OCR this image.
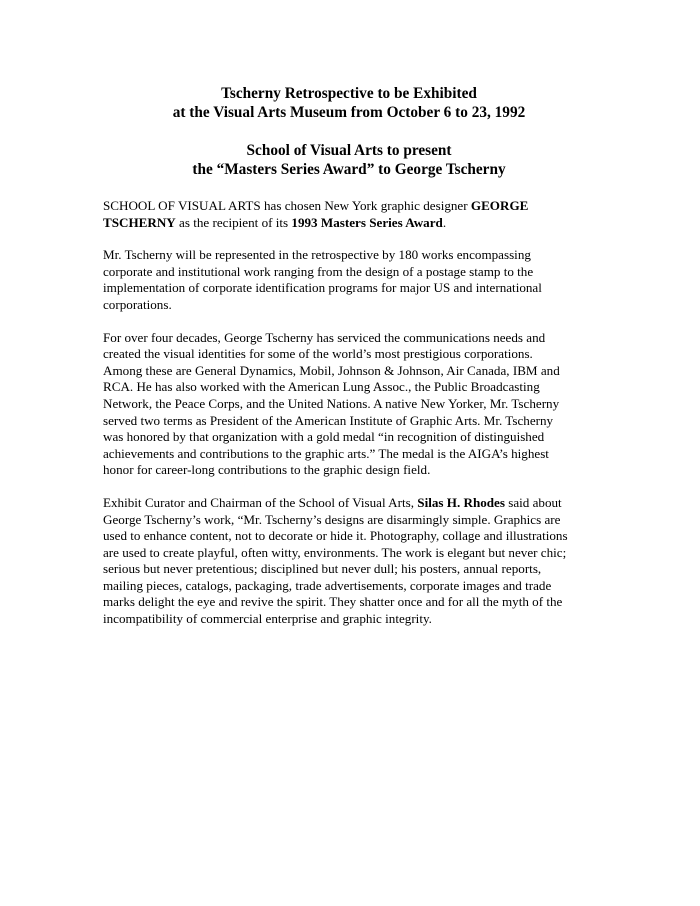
Tscherny Retrospective to be Exhibited
at the Visual Arts Museum from October 6 to 23, 1992
School of Visual Arts to present
the “Masters Series Award” to George Tscherny

SCHOOL OF VISUAL ARTS has chosen New York graphic designer GEORGE
TSCHERNY as the recipient of its 1993 Masters Series Award.

Mr. Tscherny will be represented in the retrospective by 180 works encompassing
corporate and institutional work ranging from the design of a postage stamp to the
implementation of corporate identification programs for major US and international
corporations.

For over four decades, George Tscherny has serviced the communications needs and
created the visual identities for some of the world’s most prestigious corporations.
Among these are General Dynamics, Mobil, Johnson & Johnson, Air Canada, IBM and
RCA. He has also worked with the American Lung Assoc., the Public Broadcasting
Network, the Peace Corps, and the United Nations. A native New Yorker, Mr. Tscherny
served two terms as President of the American Institute of Graphic Arts. Mr. Tscherny
was honored by that organization with a gold medal “in recognition of distinguished
achievements and contributions to the graphic arts.” The medal is the AIGA’s highest
honor for career-long contributions to the graphic design field.

Exhibit Curator and Chairman of the School of Visual Arts, Silas H. Rhodes said about
George Tscherny’s work, “Mr. Tscherny’s designs are disarmingly simple. Graphics are
used to enhance content, not to decorate or hide it. Photography, collage and illustrations
are used to create playful, often witty, environments. The work is elegant but never chic;
serious but never pretentious; disciplined but never dull; his posters, annual reports,
mailing pieces, catalogs, packaging, trade advertisements, corporate images and trade
marks delight the eye and revive the spirit. They shatter once and for all the myth of the
incompatibility of commercial enterprise and graphic integrity.
